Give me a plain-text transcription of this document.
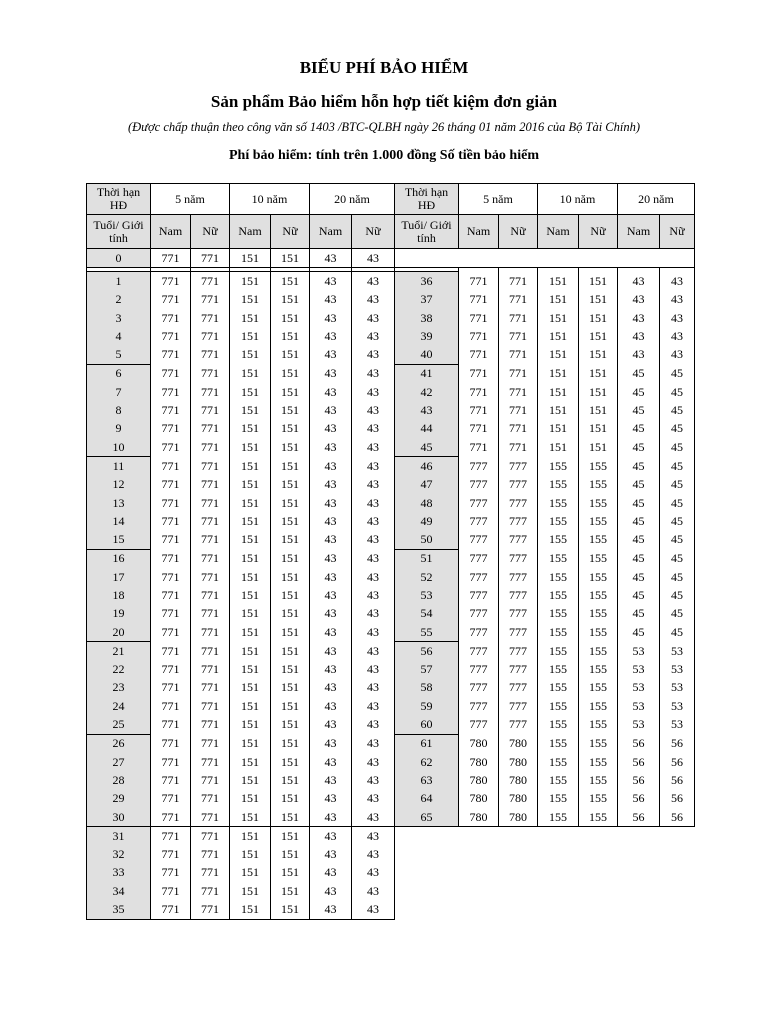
BIỂU PHÍ BẢO HIỂM
Sản phẩm Bảo hiểm hỗn hợp tiết kiệm đơn giản

(Được chấp thuận theo công văn số 1403 /BTC-QLBH ngày 26 tháng 01 năm 2016 của Bộ Tài Chính)

Phí bảo hiểm: tính trên 1.000 đồng Số tiền bảo hiểm

Thời hạn HĐ	5 năm		10 năm		20 năm		Thời hạn HĐ	5 năm		10 năm		20 năm	
Tuổi/ Giới tính	Nam	Nữ	Nam	Nữ	Nam	Nữ	Tuổi/ Giới tính	Nam	Nữ	Nam	Nữ	Nam	Nữ
0	771	771	151	151	43	43							

1	771	771	151	151	43	43	36	771	771	151	151	43	43
2	771	771	151	151	43	43	37	771	771	151	151	43	43
3	771	771	151	151	43	43	38	771	771	151	151	43	43
4	771	771	151	151	43	43	39	771	771	151	151	43	43
5	771	771	151	151	43	43	40	771	771	151	151	43	43
6	771	771	151	151	43	43	41	771	771	151	151	45	45
7	771	771	151	151	43	43	42	771	771	151	151	45	45
8	771	771	151	151	43	43	43	771	771	151	151	45	45
9	771	771	151	151	43	43	44	771	771	151	151	45	45
10	771	771	151	151	43	43	45	771	771	151	151	45	45
11	771	771	151	151	43	43	46	777	777	155	155	45	45
12	771	771	151	151	43	43	47	777	777	155	155	45	45
13	771	771	151	151	43	43	48	777	777	155	155	45	45
14	771	771	151	151	43	43	49	777	777	155	155	45	45
15	771	771	151	151	43	43	50	777	777	155	155	45	45
16	771	771	151	151	43	43	51	777	777	155	155	45	45
17	771	771	151	151	43	43	52	777	777	155	155	45	45
18	771	771	151	151	43	43	53	777	777	155	155	45	45
19	771	771	151	151	43	43	54	777	777	155	155	45	45
20	771	771	151	151	43	43	55	777	777	155	155	45	45
21	771	771	151	151	43	43	56	777	777	155	155	53	53
22	771	771	151	151	43	43	57	777	777	155	155	53	53
23	771	771	151	151	43	43	58	777	777	155	155	53	53
24	771	771	151	151	43	43	59	777	777	155	155	53	53
25	771	771	151	151	43	43	60	777	777	155	155	53	53
26	771	771	151	151	43	43	61	780	780	155	155	56	56
27	771	771	151	151	43	43	62	780	780	155	155	56	56
28	771	771	151	151	43	43	63	780	780	155	155	56	56
29	771	771	151	151	43	43	64	780	780	155	155	56	56
30	771	771	151	151	43	43	65	780	780	155	155	56	56
31	771	771	151	151	43	43							
32	771	771	151	151	43	43							
33	771	771	151	151	43	43							
34	771	771	151	151	43	43							
35	771	771	151	151	43	43							
